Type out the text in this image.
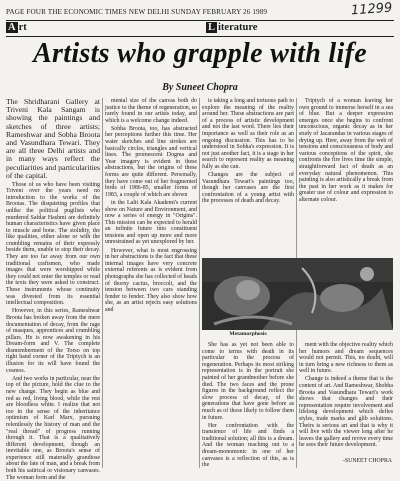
PAGE FOUR THE ECONOMIC TIMES NEW DELHI SUNDAY FEBRUARY 26 1989	11299
A rt	L iterature
Artists who grapple with life
By Suneet Chopra

The Shridharani Gallery at Triveni Kala Sangam is showing the paintings and sketches of three artists; Rameshwar and Sobha Broota and Vasundhara Tewari. They are all three Delhi artists and in many ways reflect the peculiarities and particularities of the capital.

Those of us who have been visiting Triveni over the years need no introduction to the works of the Brootas. The disquieting profiles that unlike the political pugilists who murdered Safdar Hashmi are definitely human characteristics have given place to muscle and bone. The stolidity, the like qualities, either alone or with the crumbling remains of their expressly beside them, unable to stop their decay. They are too far away from our own traditional craftsmen, who made images that were worshipped while they could not enter the temples or read the texts they were asked to construct. These instruments whose continuity was divested from its essential intellectual composition.

However, in this series, Rameshwar Broota has broken away from the mere documentation of decay, from the rage of masques, apprentices and crumbling pillars. He is now awakening in his Dream-form and V. The complete dismemberment of the Torso on top right hand corner of the Triptych is an illusion for its will have found the cosmos.

And two works in particular, near the top of the picture, hold the clue to the new change. They begin as blue and red as red, living blood, while the rest are bloodless white. I realize that not too in the sense of the inheritance optimism of Karl Marx, pursuing relentlessly the history of man and the "real thread" of progress running through it. That is a qualitatively different development, though an inevitable one, as Broota's sense of experience still materially grandiose about the fate of man, and a break from both his satirical or visionary canvases. The woman form and the

mental size of the canvas both do justice to the theme of regeneration, so rarely found in our artists today, and which is a welcome change indeed.

Sobha Broota, too, has abstracted her perceptions further this time. Her water sketches and line strokes are basically circles, triangles and vertical lines. The promescent Dogma and Year imagery is evident in these abstractions, but the origins of these forms are quite different. Personally, they have come out of her fragmented birds of 1986-85, smaller forms of 1983, a couple of which are shown

in the Lalit Kala Akademi's current show on Nature and Environment, and now a series of energy in "Origins". This mission can be expected to herald an infinite future into constituent tensions and open up more and more unrestrained as yet unexplored by her.

However, what is most engrossing in her abstractions is the fact that these internal images have very concrete external referents as is evident from photographs she has collected of heads of thorny cactus, broccoli, and the tension between two cars standing fender to fender. They also show how she, as an artist rejects easy solutions and

is taking a long and tortuous path to explore the meaning of the reality around her. These abstractions are part of a process of artistic development and not the last word. There lies their importance as well as their role as an ongoing discussion. This has to be understood in Sobha's expression. It is not just another fact, it is a stage in her search to represent reality as meaning fully as she can.

Changes are the subject of Vasundhara Tewari's paintings too, though her canvases are the first confrontation of a young artist with the processes of death and decay.

Triptych of a woman leaving her own ground to immerse herself in a sea of blue. But a deeper expression emerges once she begins to confront unconscious, organic decay as in her study of Jacarandas in various stages of drying up. Here, away from the web of tensions and consciousness of body and various conceptions of the spirit, she confronts the fire lives time the simple, straightforward fact of death as an everyday natural phenomenon. This painting is also artistically a break from the past in her work as it makes for greater use of colour and expression to alternate colour.

Metamorphosis

She has as yet not been able to come to terms with death in its particular in the process of regeneration. Perhaps its most striking representation is in the portrait she painted of her grandmother before she died. The two faces and the prone figures in the background reflect the slow process of decay, of the generations that have gone before as much as of those likely to follow them in future.

Her confrontation with the transience of life and finds a traditional solution; all this is a dream. And the woman reaching out to a dream-monomonic in one of her canvases is a reflection of this, as is the

ment with the objective reality which her humors and dream sequences would not permit. This, no doubt, will in turn bring a new richness to them as well in future.

Change is indeed a theme that is the content of art. And Rameshwar, Shobha Broota and Vasundhara Tewari's work shows that changes and their representation require involvement and lifelong development which defies styles, trade marks and glib solutions. Theirs is serious art and that is why it will live with the viewer long after he leaves the gallery and revive every time he sees their future development.

-SUNEET CHOPRA
